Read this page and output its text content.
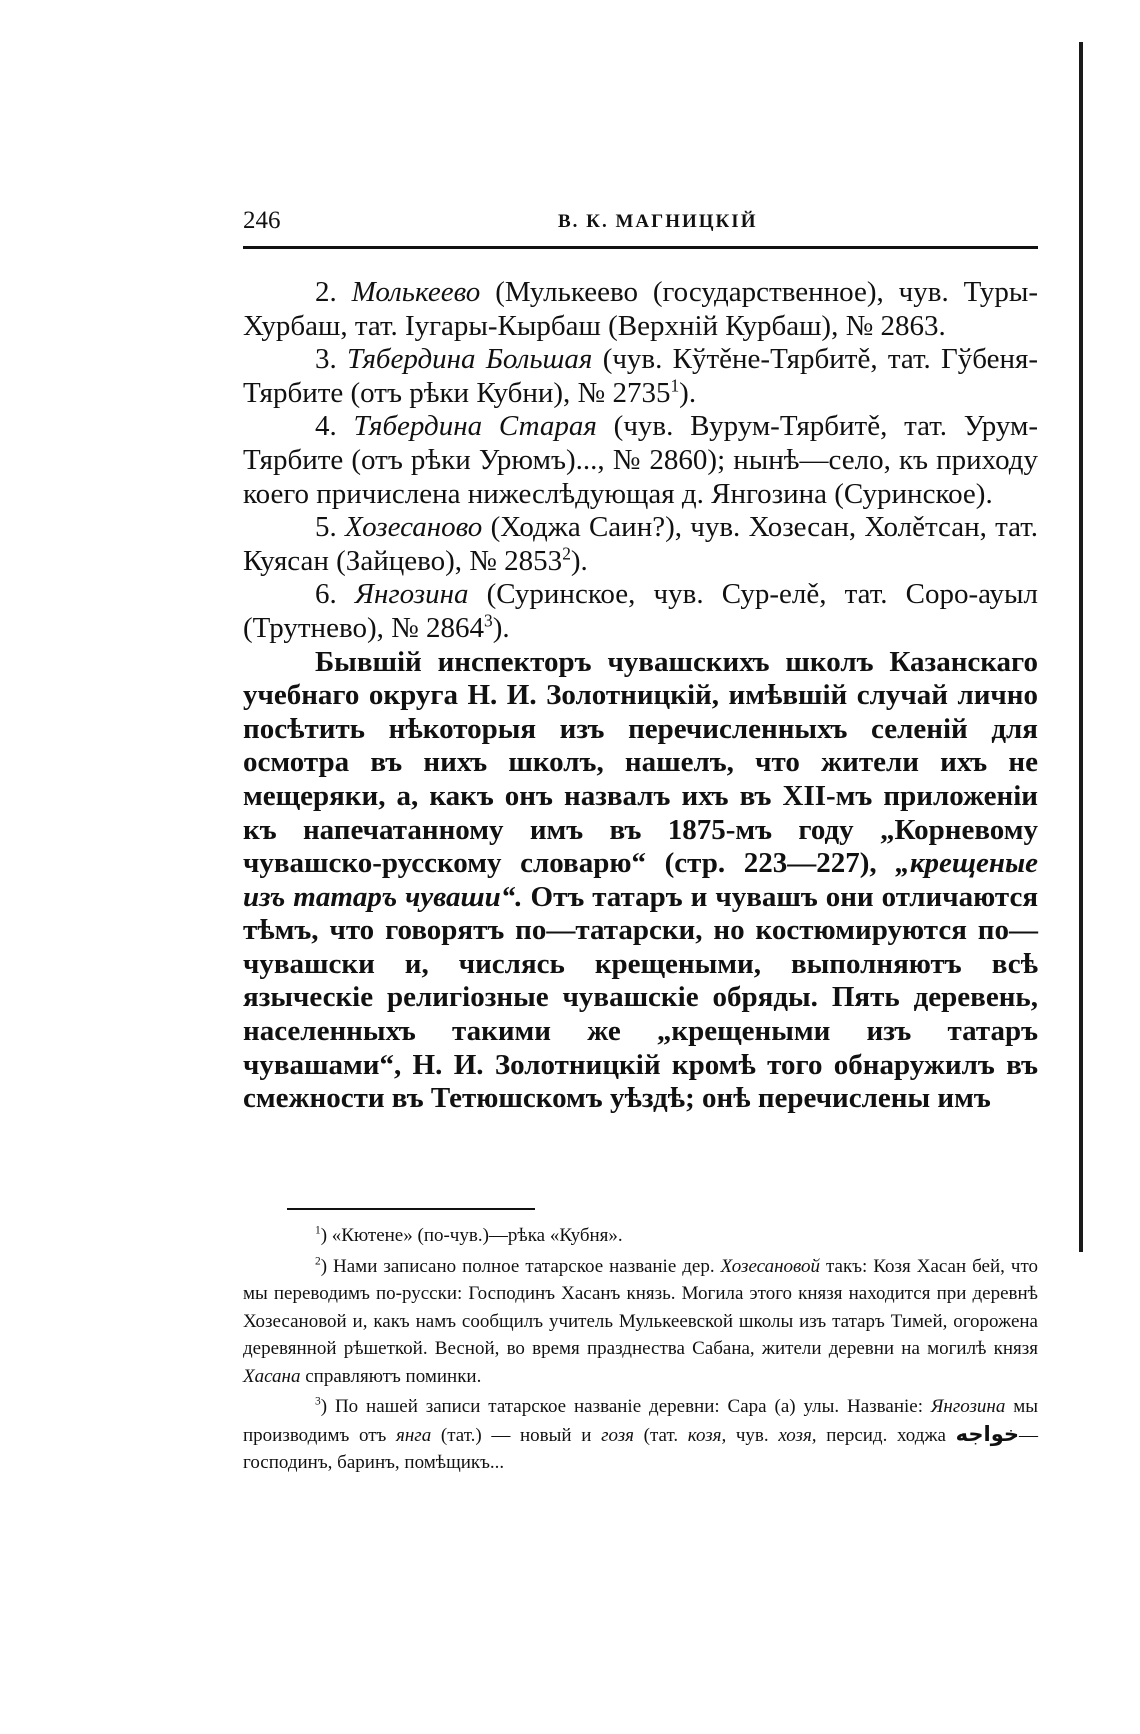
246	В. К. МАГНИЦКІЙ

2. Молькеево (Мулькеево (государственное), чув. Туры-Хурбаш, тат. Іугары-Кырбаш (Верхній Курбаш), № 2863.

3. Тябердина Большая (чув. Кўтěне-Тярбитě, тат. Гўбеня-Тярбите (отъ рѣки Кубни), № 2735$^1$).

4. Тябердина Старая (чув. Вурум-Тярбитě, тат. Урум-Тярбите (отъ рѣки Урюмъ)..., № 2860); нынѣ—село, къ приходу коего причислена нижеслѣдующая д. Янгозина (Суринское).

5. Хозесаново (Ходжа Саин?), чув. Хозесан, Холěтсан, тат. Куясан (Зайцево), № 2853$^2$).

6. Янгозина (Суринское, чув. Сур-елě, тат. Соро-ауыл (Трутнево), № 2864$^3$).

Бывшій инспекторъ чувашскихъ школъ Казанскаго учебнаго округа Н. И. Золотницкій, имѣвшій случай лично посѣтить нѣкоторыя изъ перечисленныхъ селеній для осмотра въ нихъ школъ, нашелъ, что жители ихъ не мещеряки, а, какъ онъ назвалъ ихъ въ XII-мъ приложеніи къ напечатанному имъ въ 1875-мъ году „Корневому чувашско-русскому словарю“ (стр. 223—227), „крещеные изъ татаръ чуваши“. Отъ татаръ и чувашъ они отличаются тѣмъ, что говорятъ по—татарски, но костюмируются по—чувашски и, числясь крещеными, выполняютъ всѣ языческіе религіозные чувашскіе обряды. Пять деревень, населенныхъ такими же „крещеными изъ татаръ чувашами“, Н. И. Золотницкій кромѣ того обнаружилъ въ смежности въ Тетюшскомъ уѣздѣ; онѣ перечислены имъ

$^1$) «Кютене» (по-чув.)—рѣка «Кубня».

$^2$) Нами записано полное татарское названіе дер. Хозесановой такъ: Козя Хасан бей, что мы переводимъ по-русски: Господинъ Хасанъ князь. Могила этого князя находится при деревнѣ Хозесановой и, какъ намъ сообщилъ учитель Мулькеевской школы изъ татаръ Тимей, огорожена деревянной рѣшеткой. Весной, во время празднества Сабана, жители деревни на могилѣ князя Хасана справляютъ поминки.

$^3$) По нашей записи татарское названіе деревни: Сара (а) улы. Названіе: Янгозина мы производимъ отъ янга (тат.) — новый и гозя (тат. козя, чув. хозя, персид. ходжа خواجه—господинъ, баринъ, помѣщикъ...
